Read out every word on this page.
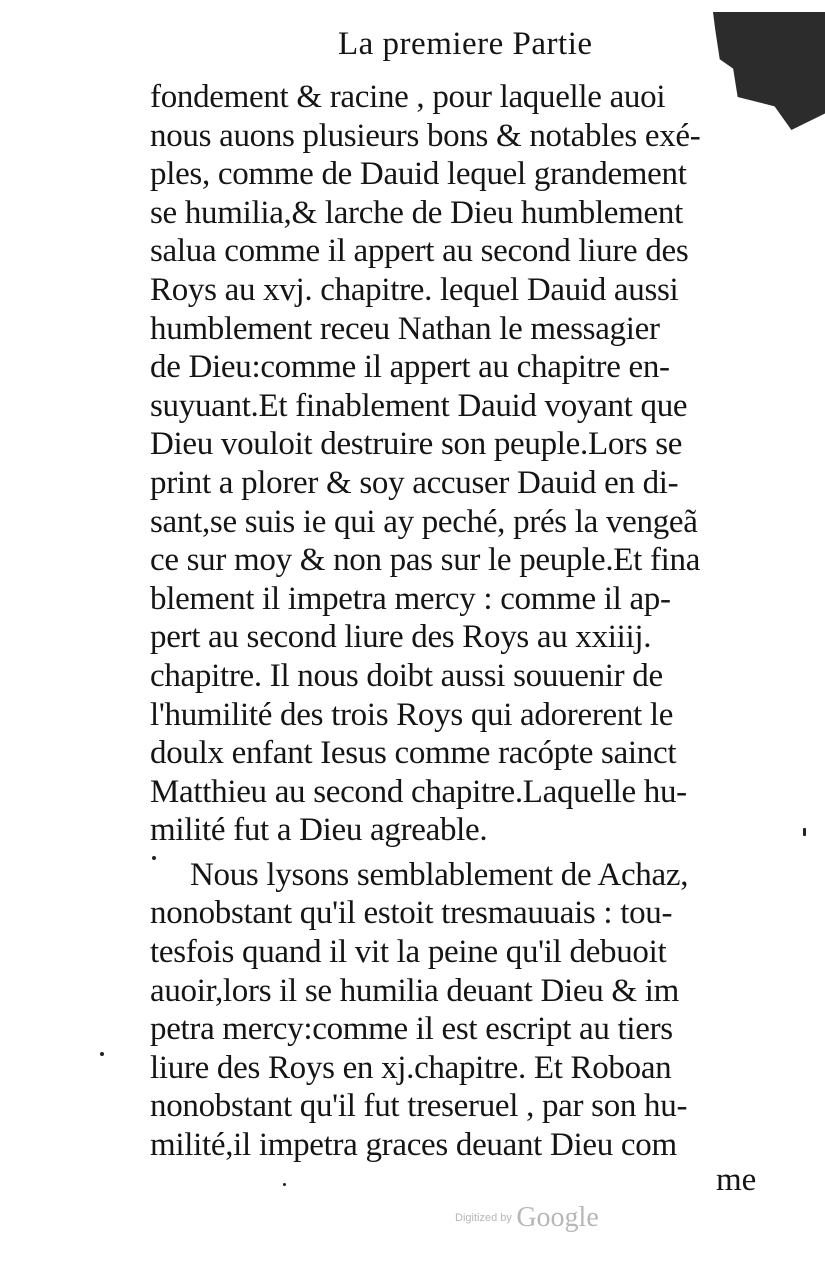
La premiere Partie
fondement & racine , pour laquelle auoi
nous auons plusieurs bons & notables exé-
ples, comme de Dauid lequel grandement
se humilia,& larche de Dieu humblement
salua comme il appert au second liure des
Roys au xvj. chapitre. lequel Dauid aussi
humblement receu Nathan le messagier
de Dieu:comme il appert au chapitre en-
suyuant.Et finablement Dauid voyant que
Dieu vouloit destruire son peuple.Lors se
print a plorer & soy accuser Dauid en di-
sant,se suis ie qui ay peché, prés la vengeã
ce sur moy & non pas sur le peuple.Et fina
blement il impetra mercy : comme il ap-
pert au second liure des Roys au xxiiij.
chapitre. Il nous doibt aussi souuenir de
l'humilité des trois Roys qui adorerent le
doulx enfant Iesus comme racópte sainct
Matthieu au second chapitre.Laquelle hu-
milité fut a Dieu agreable.
Nous lysons semblablement de Achaz,
nonobstant qu'il estoit tresmauuais : tou-
tesfois quand il vit la peine qu'il debuoit
auoir,lors il se humilia deuant Dieu & im
petra mercy:comme il est escript au tiers
liure des Roys en xj.chapitre. Et Roboan
nonobstant qu'il fut treseruel , par son hu-
milité,il impetra graces deuant Dieu com
me
Digitized by Google
